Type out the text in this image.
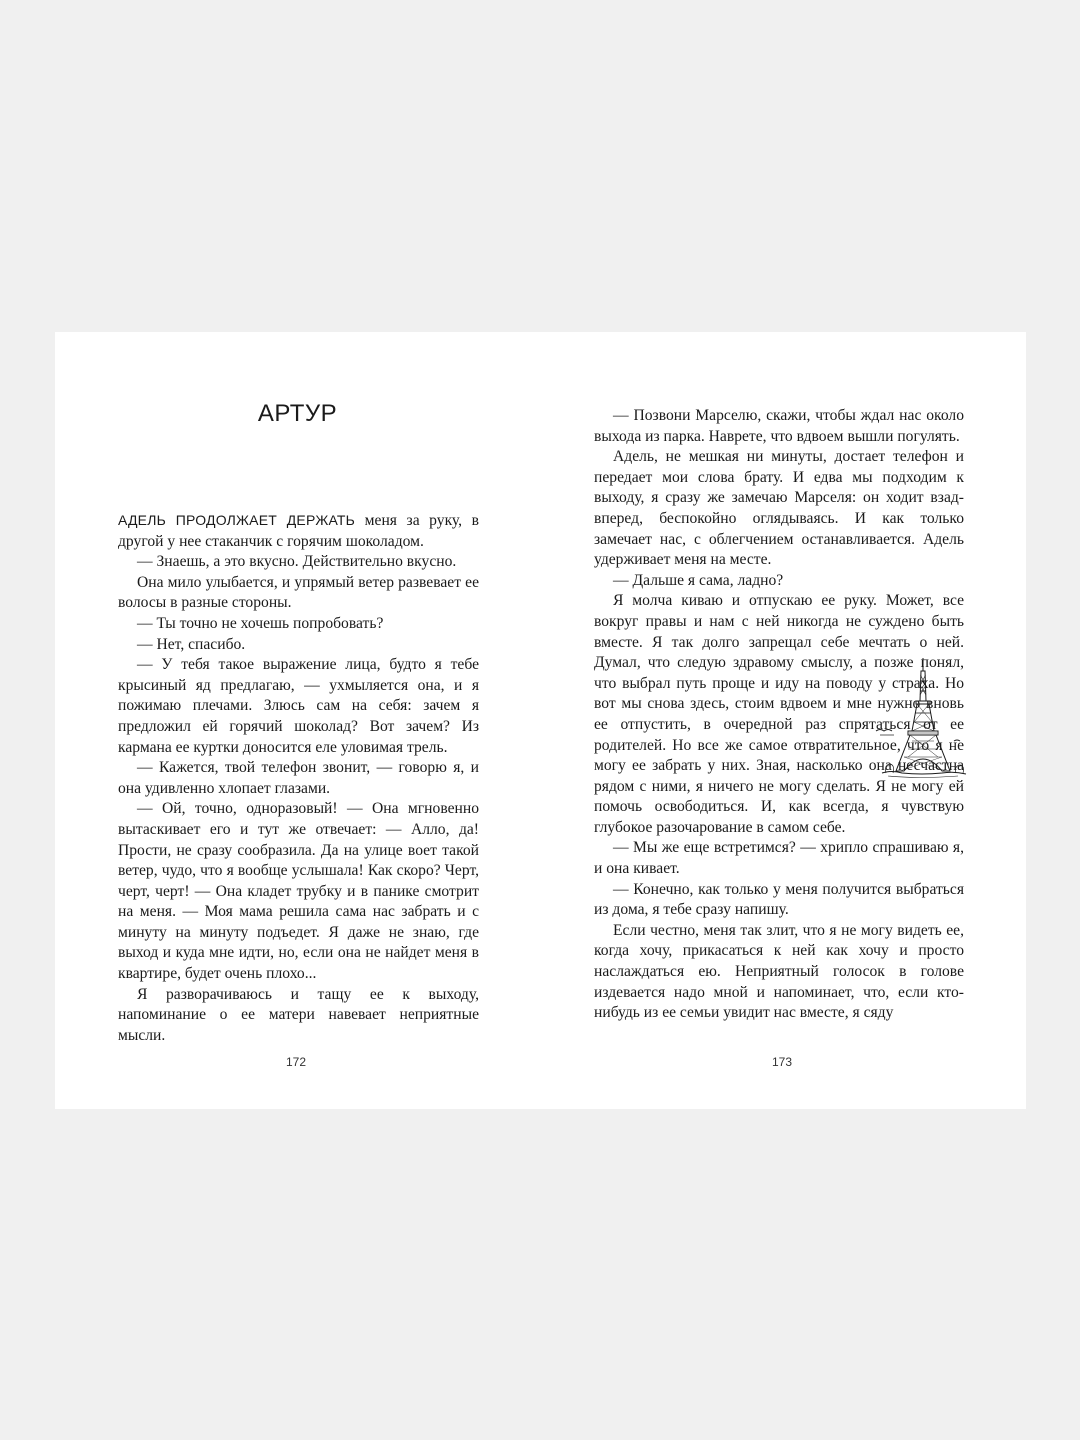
АРТУР

АДЕЛЬ ПРОДОЛЖАЕТ ДЕРЖАТЬ меня за руку, в другой у нее стаканчик с горячим шоколадом.

— Знаешь, а это вкусно. Действительно вкусно.

Она мило улыбается, и упрямый ветер развевает ее волосы в разные стороны.

— Ты точно не хочешь попробовать?

— Нет, спасибо.

— У тебя такое выражение лица, будто я тебе крысиный яд предлагаю, — ухмыляется она, и я пожимаю плечами. Злюсь сам на себя: зачем я предложил ей горячий шоколад? Вот зачем? Из кармана ее куртки доносится еле уловимая трель.

— Кажется, твой телефон звонит, — говорю я, и она удивленно хлопает глазами.

— Ой, точно, одноразовый! — Она мгновенно вытаскивает его и тут же отвечает: — Алло, да! Прости, не сразу сообразила. Да на улице воет такой ветер, чудо, что я вообще услышала! Как скоро? Черт, черт, черт! — Она кладет трубку и в панике смотрит на меня. — Моя мама решила сама нас забрать и с минуту на минуту подъедет. Я даже не знаю, где выход и куда мне идти, но, если она не найдет меня в квартире, будет очень плохо...

Я разворачиваюсь и тащу ее к выходу, напоминание о ее матери навевает неприятные мысли.

172

— Позвони Марселю, скажи, чтобы ждал нас около выхода из парка. Наврете, что вдвоем вышли погулять.

Адель, не мешкая ни минуты, достает телефон и передает мои слова брату. И едва мы подходим к выходу, я сразу же замечаю Марселя: он ходит взад-вперед, беспокойно оглядываясь. И как только замечает нас, с облегчением останавливается. Адель удерживает меня на месте.

— Дальше я сама, ладно?

Я молча киваю и отпускаю ее руку. Может, все вокруг правы и нам с ней никогда не суждено быть вместе. Я так долго запрещал себе мечтать о ней. Думал, что следую здравому смыслу, а позже понял, что выбрал путь проще и иду на поводу у страха. Но вот мы снова здесь, стоим вдвоем и мне нужно вновь ее отпустить, в очередной раз спрятаться от ее родителей. Но все же самое отвратительное, что я не могу ее забрать у них. Зная, насколько она несчастна рядом с ними, я ничего не могу сделать. Я не могу ей помочь освободиться. И, как всегда, я чувствую глубокое разочарование в самом себе.

— Мы же еще встретимся? — хрипло спрашиваю я, и она кивает.

— Конечно, как только у меня получится выбраться из дома, я тебе сразу напишу.

Если честно, меня так злит, что я не могу видеть ее, когда хочу, прикасаться к ней как хочу и просто наслаждаться ею. Неприятный голосок в голове издевается надо мной и напоминает, что, если кто-нибудь из ее семьи увидит нас вместе, я сяду

173
